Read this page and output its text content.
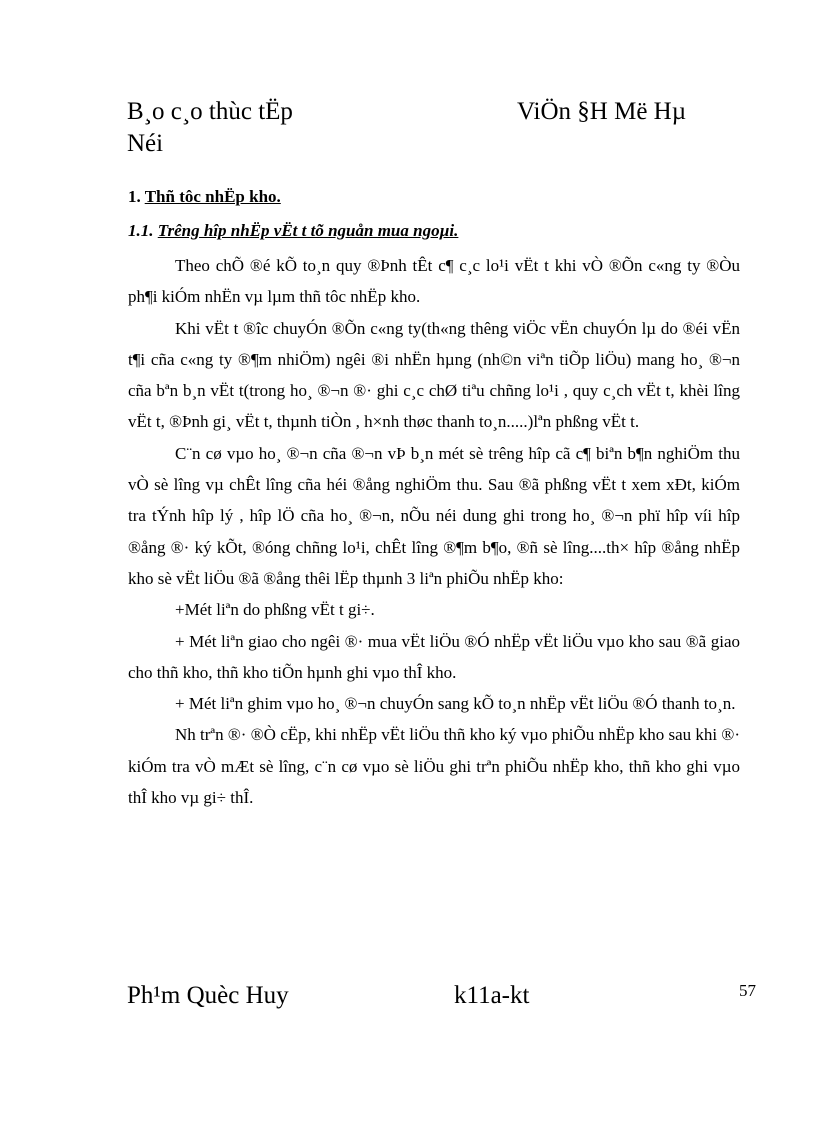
B¸o c¸o thùc tËp	ViÖn §H Më Hµ
Néi
1. Thñ tôc nhËp kho.
1.1. Trêng hîp nhËp vËt t tõ nguån mua ngoµi.

Theo chÕ ®é kÕ to¸n quy ®Þnh tÊt c¶ c¸c lo¹i vËt t khi vÒ ®Õn c«ng ty ®Òu ph¶i kiÓm nhËn vµ lµm thñ tôc nhËp kho.

Khi vËt t ®îc chuyÓn ®Õn c«ng ty(th«ng thêng viÖc vËn chuyÓn lµ do ®éi vËn t¶i cña c«ng ty ®¶m nhiÖm) ngêi ®i nhËn hµng (nh©n viªn tiÕp liÖu) mang ho¸ ®¬n cña bªn b¸n vËt t(trong ho¸ ®¬n ®· ghi c¸c chØ tiªu chñng lo¹i , quy c¸ch vËt t, khèi lîng vËt t, ®Þnh gi¸ vËt t, thµnh tiÒn , h×nh thøc thanh to¸n.....)lªn phßng vËt t.

C¨n cø vµo ho¸ ®¬n cña ®¬n vÞ b¸n mét sè trêng hîp cã c¶ biªn b¶n nghiÖm thu vÒ sè lîng vµ chÊt lîng cña héi ®ång nghiÖm thu. Sau ®ã phßng vËt t xem xÐt, kiÓm tra tÝnh hîp lý , hîp lÖ cña ho¸ ®¬n, nÕu néi dung ghi trong ho¸ ®¬n phï hîp víi hîp ®ång ®· ký kÕt, ®óng chñng lo¹i, chÊt lîng ®¶m b¶o, ®ñ sè lîng....th× hîp ®ång nhËp kho sè vËt liÖu ®ã ®ång thêi lËp thµnh 3 liªn phiÕu nhËp kho:

+Mét liªn do phßng vËt t gi÷.

+ Mét liªn giao cho ngêi ®· mua vËt liÖu ®Ó nhËp vËt liÖu vµo kho sau ®ã giao cho thñ kho, thñ kho tiÕn hµnh ghi vµo thÎ kho.

+ Mét liªn ghim vµo ho¸ ®¬n chuyÓn sang kÕ to¸n nhËp vËt liÖu ®Ó thanh to¸n.

Nh trªn ®· ®Ò cËp, khi nhËp vËt liÖu thñ kho ký vµo phiÕu nhËp kho sau khi ®· kiÓm tra vÒ mÆt sè lîng, c¨n cø vµo sè liÖu ghi trªn phiÕu nhËp kho, thñ kho ghi vµo thÎ kho vµ gi÷ thÎ.

Ph¹m Quèc Huy	k11a-kt	57
